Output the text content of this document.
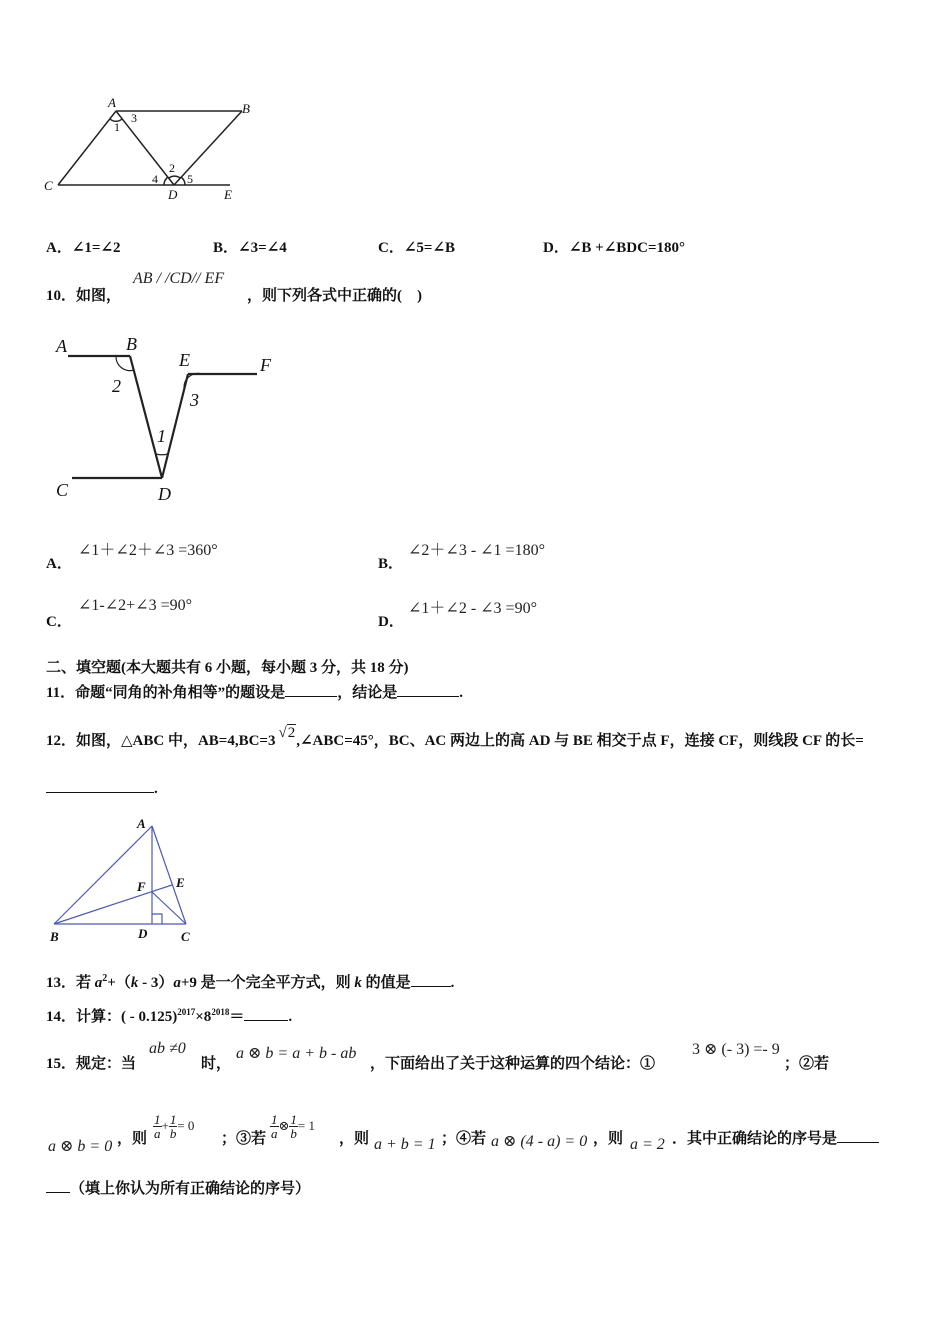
A	B
C
D	E
1
3
2
4 5
A．∠1=∠2	B．∠3=∠4	C．∠5=∠B	D．∠B +∠BDC=180°
10．如图，
AB / /CD// EF
，则下列各式中正确的(　)
A	B
E	F
C	D
2
3
1
A．
∠1＋∠2＋∠3 =360°
B．
∠2＋∠3 - ∠1 =180°
C．
∠1-∠2+∠3 =90°
D．
∠1＋∠2 - ∠3 =90°
二、填空题(本大题共有 6 小题，每小题 3 分，共 18 分)
11．命题“同角的补角相等”的题设是	，结论是	.
12．如图，△ABC 中，AB=4,BC=3 √2,∠ABC=45°，BC、AC 两边上的高 AD 与 BE 相交于点 F，连接 CF，则线段 CF 的长=
.
A
F E
B	D	C
13．若 $a^2+(k - 3)a+9$ 是一个完全平方式，则 k 的值是	.
14．计算：( - $0.125)^{2017}\times 8^{2018}=$	.
15．规定：当
ab ≠0
时，
a ⊗ b = a + b - ab
，下面给出了关于这种运算的四个结论：①
3 ⊗ (- 3) =- 9
；②若
a ⊗ b = 0 ，则 $\frac{1}{a} + \frac{1}{b} = 0$
；③若 $\frac{1}{a}$ ⊗ $\frac{1}{b} = 1$
，则 a + b = 1 ；④若 a ⊗ (4 - a) = 0 ，则 a = 2 ．其中正确结论的序号是
（填上你认为所有正确结论的序号）
